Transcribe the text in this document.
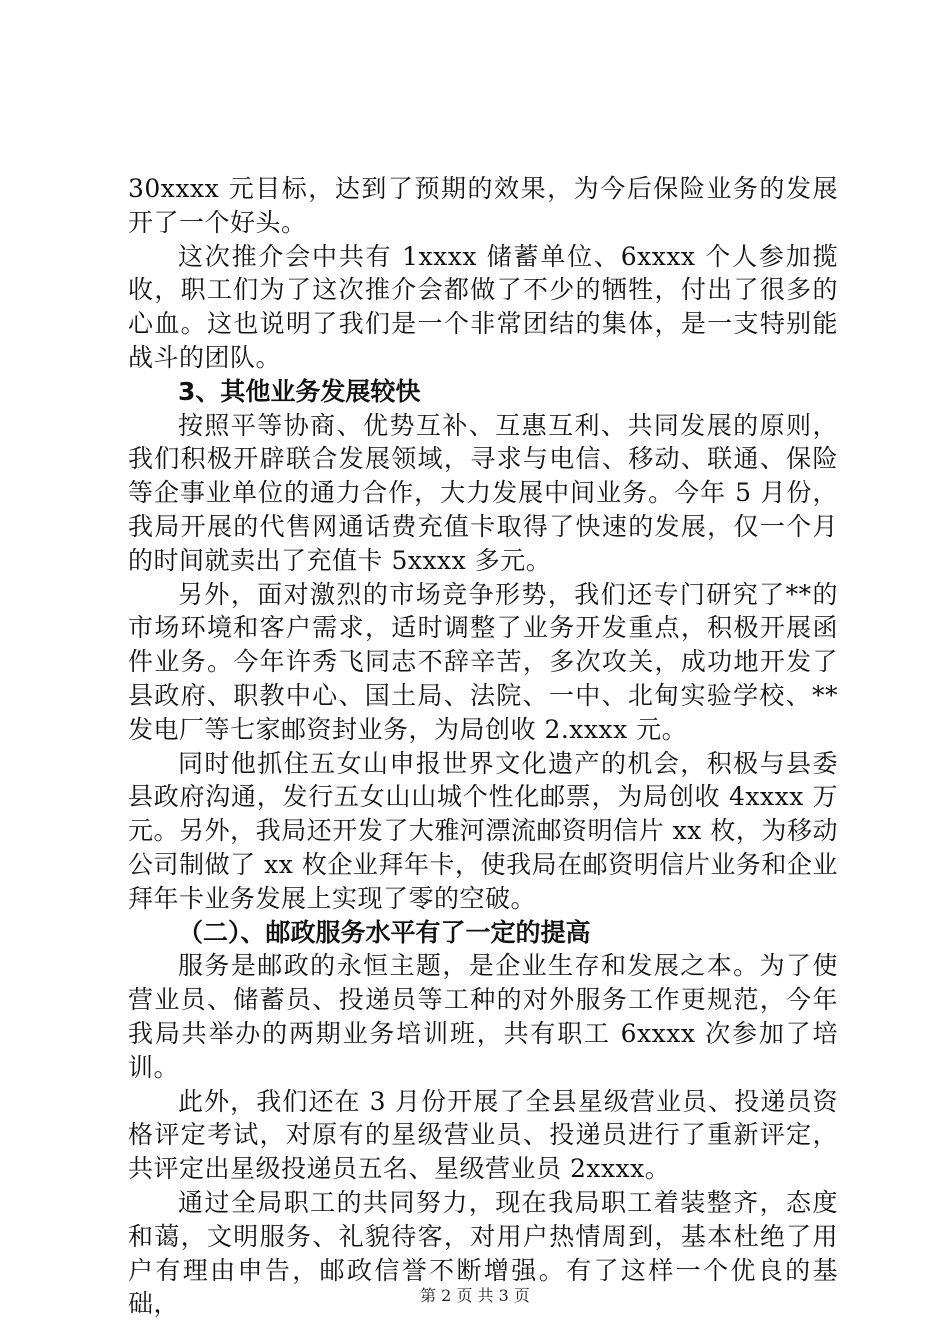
30xxxx 元目标，达到了预期的效果，为今后保险业务的发展开了一个好头。

这次推介会中共有 1xxxx 储蓄单位、6xxxx 个人参加揽收，职工们为了这次推介会都做了不少的牺牲，付出了很多的心血。这也说明了我们是一个非常团结的集体，是一支特别能战斗的团队。

3、其他业务发展较快

按照平等协商、优势互补、互惠互利、共同发展的原则，我们积极开辟联合发展领域，寻求与电信、移动、联通、保险等企事业单位的通力合作，大力发展中间业务。今年 5 月份，我局开展的代售网通话费充值卡取得了快速的发展，仅一个月的时间就卖出了充值卡 5xxxx 多元。

另外，面对激烈的市场竞争形势，我们还专门研究了**的市场环境和客户需求，适时调整了业务开发重点，积极开展函件业务。今年许秀飞同志不辞辛苦，多次攻关，成功地开发了县政府、职教中心、国土局、法院、一中、北甸实验学校、**发电厂等七家邮资封业务，为局创收 2.xxxx 元。

同时他抓住五女山申报世界文化遗产的机会，积极与县委县政府沟通，发行五女山山城个性化邮票，为局创收 4xxxx 万元。另外，我局还开发了大雅河漂流邮资明信片 xx 枚，为移动公司制做了 xx 枚企业拜年卡，使我局在邮资明信片业务和企业拜年卡业务发展上实现了零的空破。

（二）、邮政服务水平有了一定的提高

服务是邮政的永恒主题，是企业生存和发展之本。为了使营业员、储蓄员、投递员等工种的对外服务工作更规范，今年我局共举办的两期业务培训班，共有职工 6xxxx 次参加了培训。

此外，我们还在 3 月份开展了全县星级营业员、投递员资格评定考试，对原有的星级营业员、投递员进行了重新评定，共评定出星级投递员五名、星级营业员 2xxxx。

通过全局职工的共同努力，现在我局职工着装整齐，态度和蔼，文明服务、礼貌待客，对用户热情周到，基本杜绝了用户有理由申告，邮政信誉不断增强。有了这样一个优良的基础，	第 2 页 共 3 页
